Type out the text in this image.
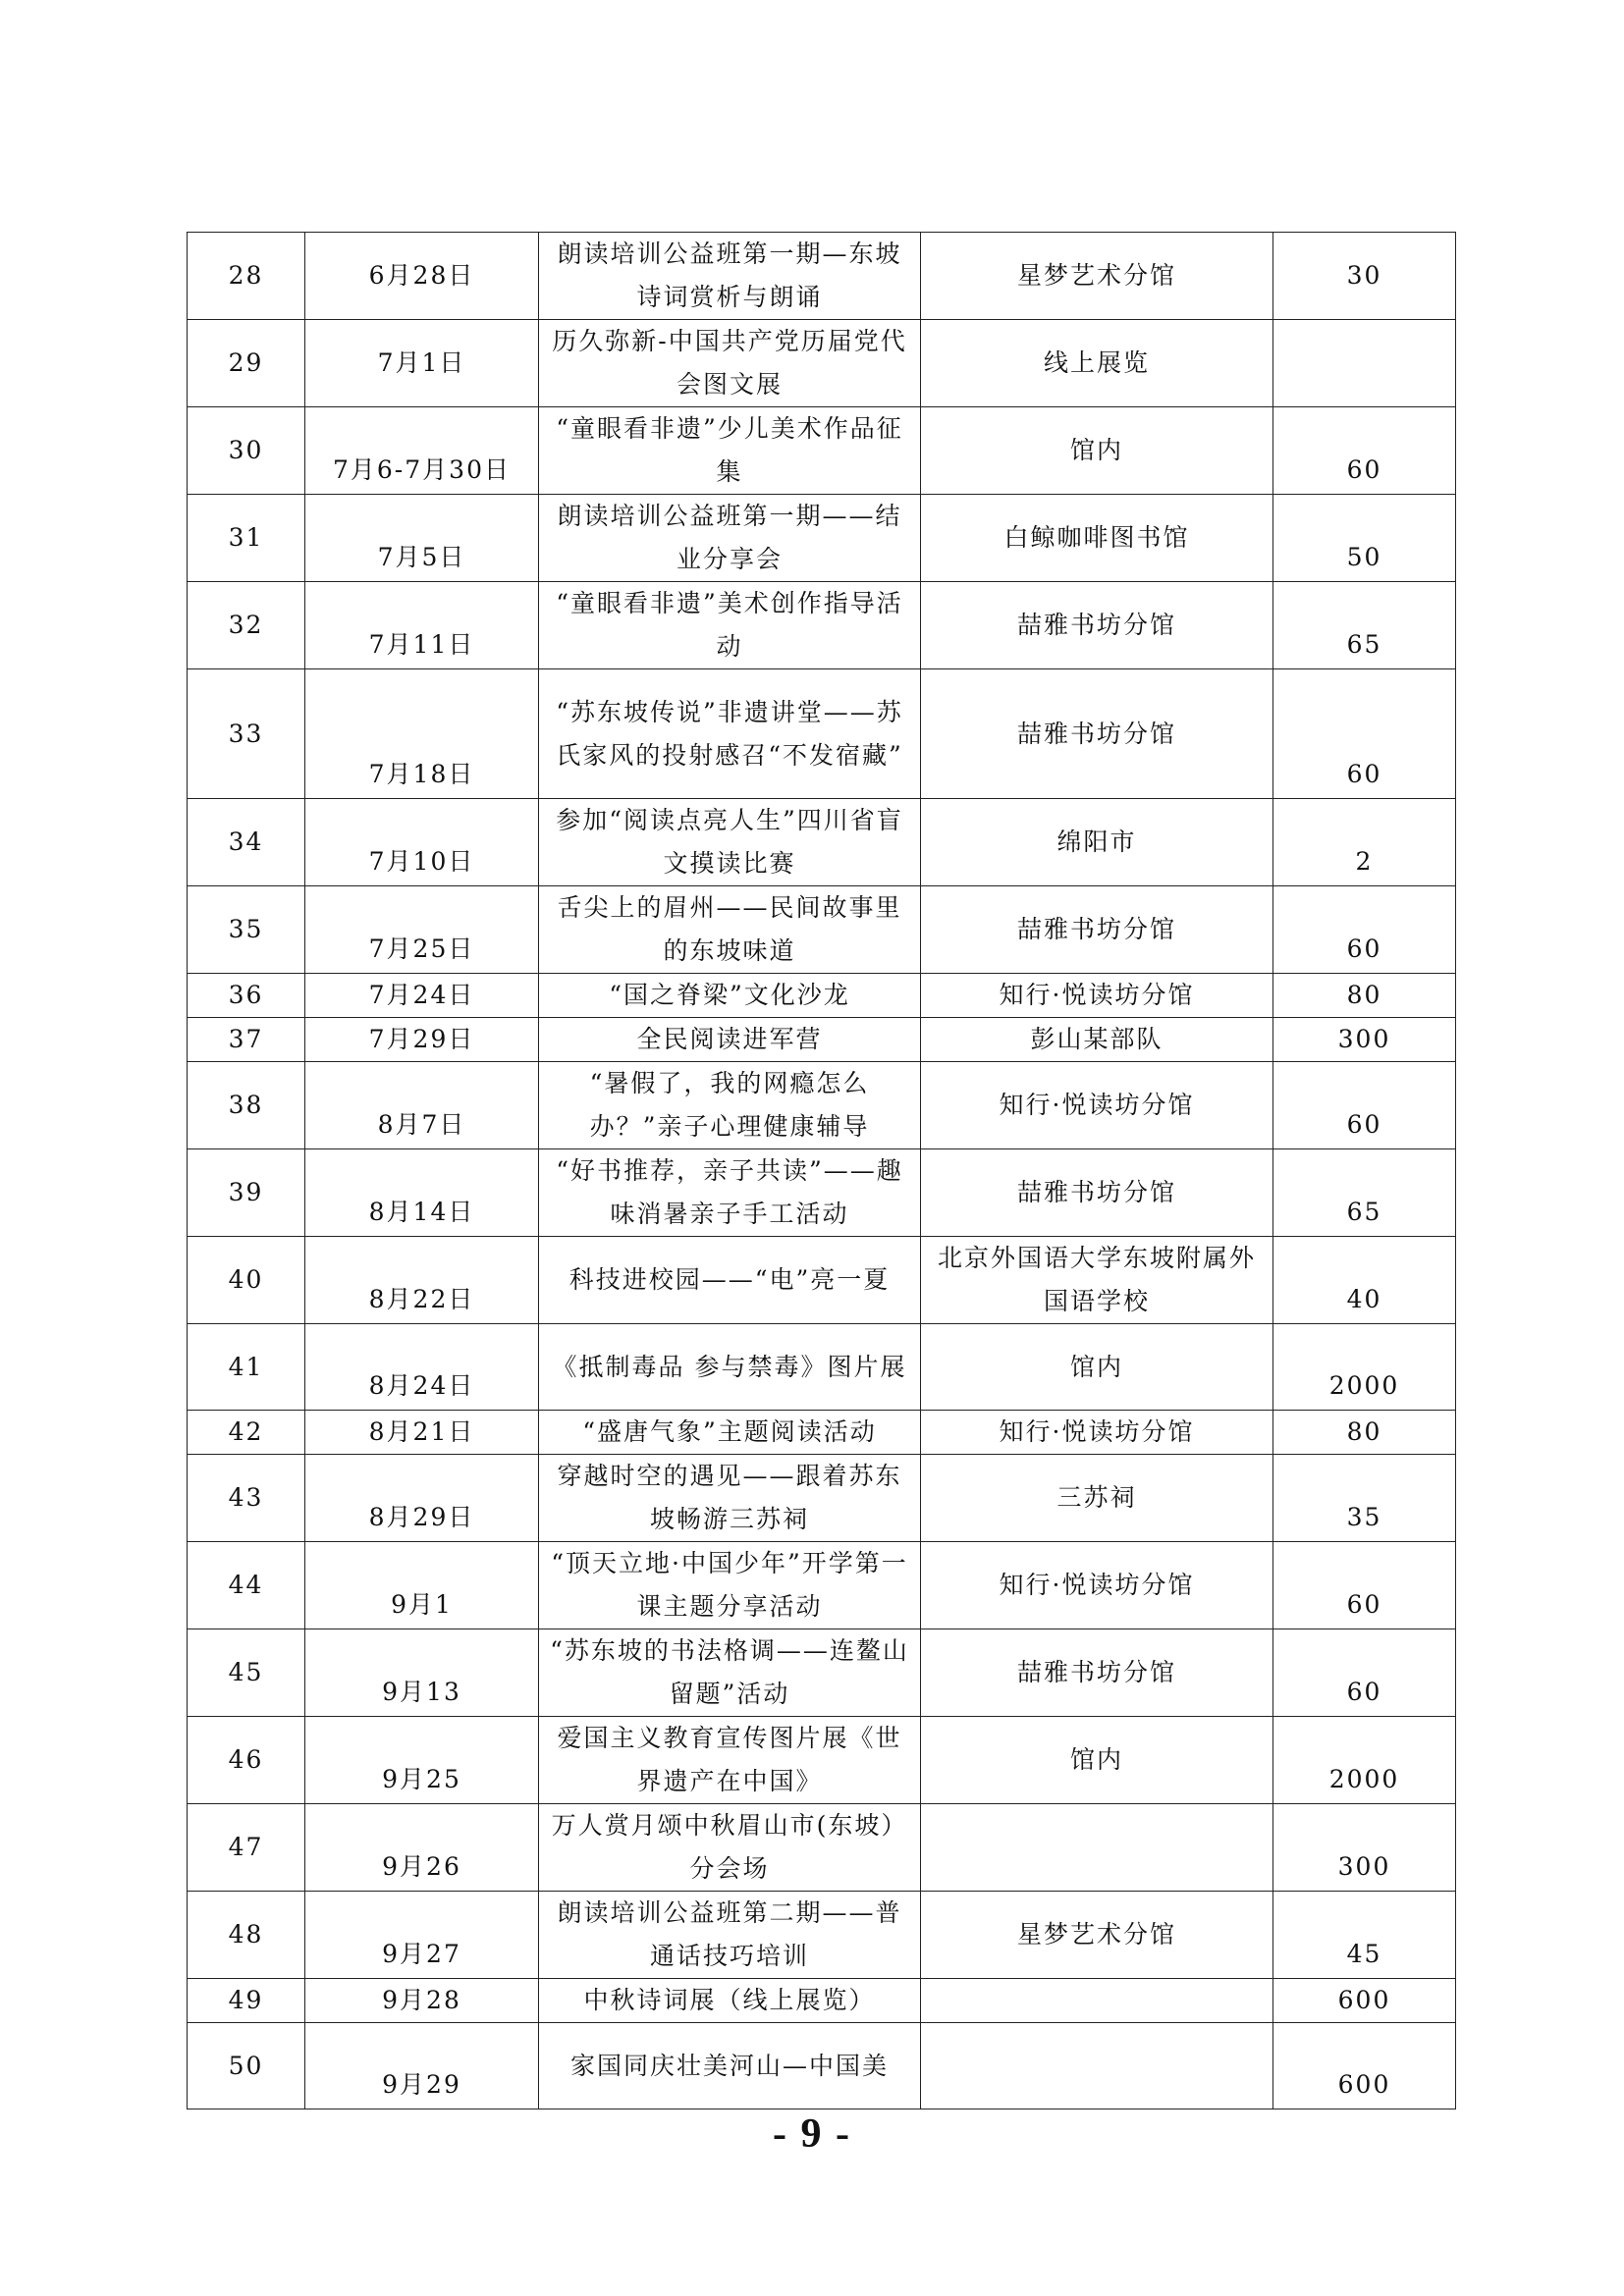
28	6月28日	朗读培训公益班第一期—东坡诗词赏析与朗诵	星梦艺术分馆	30
29	7月1日	历久弥新-中国共产党历届党代会图文展	线上展览	
30	7月6-7月30日	“童眼看非遗”少儿美术作品征集	馆内	60
31	7月5日	朗读培训公益班第一期——结业分享会	白鲸咖啡图书馆	50
32	7月11日	“童眼看非遗”美术创作指导活动	喆雅书坊分馆	65
33	7月18日	“苏东坡传说”非遗讲堂——苏氏家风的投射感召“不发宿藏”	喆雅书坊分馆	60
34	7月10日	参加“阅读点亮人生”四川省盲文摸读比赛	绵阳市	2
35	7月25日	舌尖上的眉州——民间故事里的东坡味道	喆雅书坊分馆	60
36	7月24日	“国之脊梁”文化沙龙	知行·悦读坊分馆	80
37	7月29日	全民阅读进军营	彭山某部队	300
38	8月7日	“暑假了，我的网瘾怎么办？”亲子心理健康辅导	知行·悦读坊分馆	60
39	8月14日	“好书推荐，亲子共读”——趣味消暑亲子手工活动	喆雅书坊分馆	65
40	8月22日	科技进校园——“电”亮一夏	北京外国语大学东坡附属外国语学校	40
41	8月24日	《抵制毒品 参与禁毒》图片展	馆内	2000
42	8月21日	“盛唐气象”主题阅读活动	知行·悦读坊分馆	80
43	8月29日	穿越时空的遇见——跟着苏东坡畅游三苏祠	三苏祠	35
44	9月1	“顶天立地·中国少年”开学第一课主题分享活动	知行·悦读坊分馆	60
45	9月13	“苏东坡的书法格调——连鳌山留题”活动	喆雅书坊分馆	60
46	9月25	爱国主义教育宣传图片展《世界遗产在中国》	馆内	2000
47	9月26	万人赏月颂中秋眉山市(东坡）分会场		300
48	9月27	朗读培训公益班第二期——普通话技巧培训	星梦艺术分馆	45
49	9月28	中秋诗词展（线上展览）		600
50	9月29	家国同庆壮美河山—中国美		600
- 9 -
